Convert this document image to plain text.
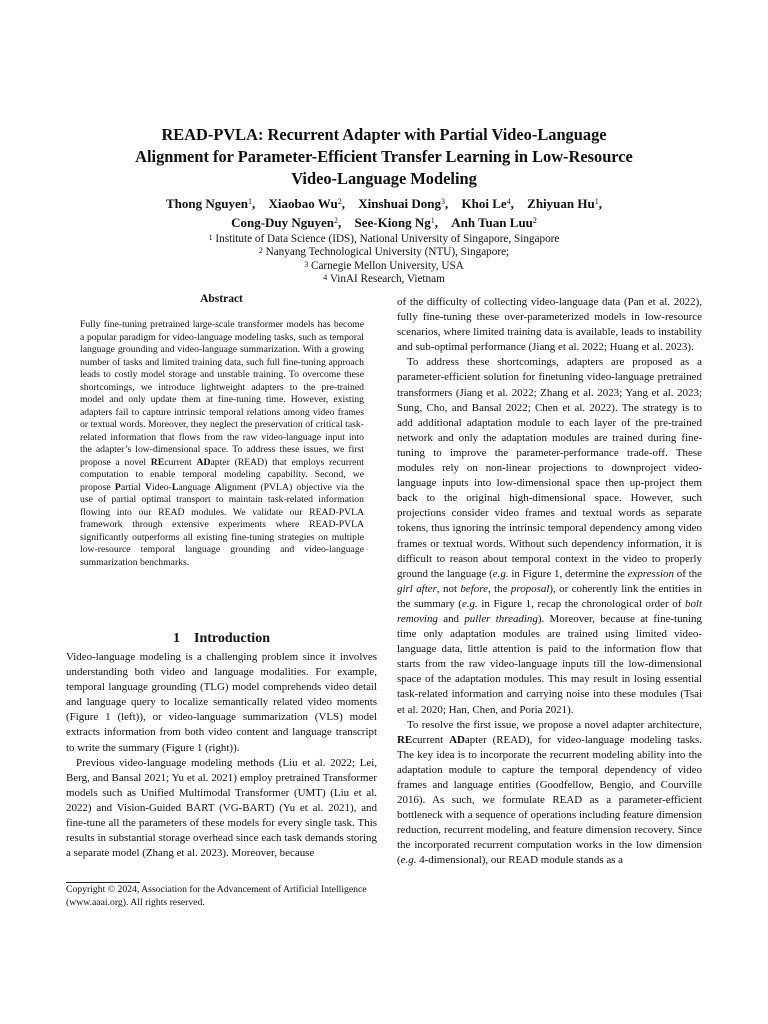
READ-PVLA: Recurrent Adapter with Partial Video-Language
Alignment for Parameter-Efficient Transfer Learning in Low-Resource
Video-Language Modeling
Thong Nguyen$^1$, Xiaobao Wu$^2$, Xinshuai Dong$^3$, Khoi Le$^4$, Zhiyuan Hu$^1$,
Cong-Duy Nguyen$^2$, See-Kiong Ng$^1$, Anh Tuan Luu$^2$
$^1$ Institute of Data Science (IDS), National University of Singapore, Singapore
$^2$ Nanyang Technological University (NTU), Singapore;
$^3$ Carnegie Mellon University, USA
$^4$ VinAI Research, Vietnam
Abstract

Fully fine-tuning pretrained large-scale transformer models has become a popular paradigm for video-language modeling tasks, such as temporal language grounding and video-language summarization. With a growing number of tasks and limited training data, such full fine-tuning approach leads to costly model storage and unstable training. To overcome these shortcomings, we introduce lightweight adapters to the pre-trained model and only update them at fine-tuning time. However, existing adapters fail to capture intrinsic temporal relations among video frames or textual words. Moreover, they neglect the preservation of critical task-related information that flows from the raw video-language input into the adapter’s low-dimensional space. To address these issues, we first propose a novel REcurrent ADapter (READ) that employs recurrent computation to enable temporal modeling capability. Second, we propose Partial Video-Language Alignment (PVLA) objective via the use of partial optimal transport to maintain task-related information flowing into our READ modules. We validate our READ-PVLA framework through extensive experiments where READ-PVLA significantly outperforms all existing fine-tuning strategies on multiple low-resource temporal language grounding and video-language summarization benchmarks.

1 Introduction

Video-language modeling is a challenging problem since it involves understanding both video and language modalities. For example, temporal language grounding (TLG) model comprehends video detail and language query to localize semantically related video moments (Figure 1 (left)), or video-language summarization (VLS) model extracts information from both video content and language transcript to write the summary (Figure 1 (right)).

Previous video-language modeling methods (Liu et al. 2022; Lei, Berg, and Bansal 2021; Yu et al. 2021) employ pretrained Transformer models such as Unified Multimodal Transformer (UMT) (Liu et al. 2022) and Vision-Guided BART (VG-BART) (Yu et al. 2021), and fine-tune all the parameters of these models for every single task. This results in substantial storage overhead since each task demands storing a separate model (Zhang et al. 2023). Moreover, because

Copyright © 2024, Association for the Advancement of Artificial Intelligence (www.aaai.org). All rights reserved.

of the difficulty of collecting video-language data (Pan et al. 2022), fully fine-tuning these over-parameterized models in low-resource scenarios, where limited training data is available, leads to instability and sub-optimal performance (Jiang et al. 2022; Huang et al. 2023).

To address these shortcomings, adapters are proposed as a parameter-efficient solution for finetuning video-language pretrained transformers (Jiang et al. 2022; Zhang et al. 2023; Yang et al. 2023; Sung, Cho, and Bansal 2022; Chen et al. 2022). The strategy is to add additional adaptation module to each layer of the pre-trained network and only the adaptation modules are trained during fine-tuning to improve the parameter-performance trade-off. These modules rely on non-linear projections to downproject video-language inputs into low-dimensional space then up-project them back to the original high-dimensional space. However, such projections consider video frames and textual words as separate tokens, thus ignoring the intrinsic temporal dependency among video frames or textual words. Without such dependency information, it is difficult to reason about temporal context in the video to properly ground the language (e.g. in Figure 1, determine the expression of the girl after, not before, the proposal), or coherently link the entities in the summary (e.g. in Figure 1, recap the chronological order of bolt removing and puller threading). Moreover, because at fine-tuning time only adaptation modules are trained using limited video-language data, little attention is paid to the information flow that starts from the raw video-language inputs till the low-dimensional space of the adaptation modules. This may result in losing essential task-related information and carrying noise into these modules (Tsai et al. 2020; Han, Chen, and Poria 2021).

To resolve the first issue, we propose a novel adapter architecture, REcurrent ADapter (READ), for video-language modeling tasks. The key idea is to incorporate the recurrent modeling ability into the adaptation module to capture the temporal dependency of video frames and language entities (Goodfellow, Bengio, and Courville 2016). As such, we formulate READ as a parameter-efficient bottleneck with a sequence of operations including feature dimension reduction, recurrent modeling, and feature dimension recovery. Since the incorporated recurrent computation works in the low dimension (e.g. 4-dimensional), our READ module stands as a
